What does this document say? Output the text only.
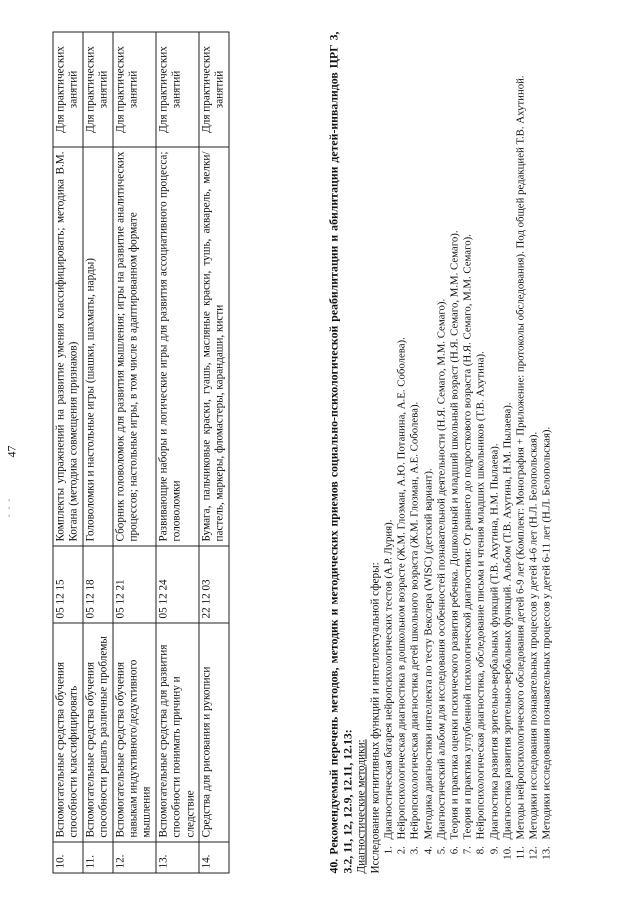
- - -
47
10.	Вспомогательные средства обучения способности классифицировать	05 12 15	Комплекты упражнений на развитие умения классифицировать; методика В.М. Когана (методика совмещения признаков)	Для практических занятий
11.	Вспомогательные средства обучения способности решать различные проблемы	05 12 18	Головоломки и настольные игры (шашки, шахматы, нарды)	Для практических занятий
12.	Вспомогательные средства обучения навыкам индуктивного/дедуктивного мышления	05 12 21	Сборник головоломок для развития мышления; игры на развитие аналитических процессов; настольные игры, в том числе в адаптированном формате	Для практических занятий
13.	Вспомогательные средства для развития способности понимать причину и следствие	05 12 24	Развивающие наборы и логические игры для развития ассоциативного процесса; головоломки	Для практических занятий
14.	Средства для рисования и рукописи	22 12 03	Бумага, пальчиковые краски, гуашь, масляные краски, тушь, акварель, мелки/пастель, маркеры, фломастеры, карандаши, кисти	Для практических занятий	40. Рекомендуемый перечень методов, методик и методических приемов социально-психологической реабилитации и абилитации детей-инвалидов ЦРГ 3, 3.2, 11, 12, 12.9, 12.11, 12.13: Диагностические методики: Исследование когнитивных функций и интеллектуальной сферы: 1. Диагностическая батарея нейропсихологических тестов (А.Р. Лурия). 2. Нейропсихологическая диагностика в дошкольном возрасте (Ж.М. Глозман, А.Ю. Потанина, А.Е. Соболева). 3. Нейропсихологическая диагностика детей школьного возраста (Ж.М. Глозман, А.Е. Соболева). 4. Методика диагностики интеллекта по тесту Векслера (WISC) (детский вариант). 5. Диагностический альбом для исследования особенностей познавательной деятельности (Н.Я. Семаго, М.М. Семаго). 6. Теория и практика оценки психического развития ребенка. Дошкольный и младший школьный возраст (Н.Я. Семаго, М.М. Семаго). 7. Теория и практика углубленной психологической диагностики: От раннего до подросткового возраста (Н.Я. Семаго, М.М. Семаго). 8. Нейропсихологическая диагностика, обследование письма и чтения младших школьников (Т.В. Ахутина). 9. Диагностика развития зрительно-вербальных функций (Т.В. Ахутина, Н.М. Пылаева). 10. Диагностика развития зрительно-вербальных функций. Альбом (Т.В. Ахутина, Н.М. Пылаева). 11. Методы нейропсихологического обследования детей 6-9 лет (Комплект: Монография + Приложение: протоколы обследования). Под общей редакцией Т.В. Ахутиной. 12. Методики исследования познавательных процессов у детей 4-6 лет (Н.Л. Белопольская). 13. Методики исследования познавательных процессов у детей 6-11 лет (Н.Л. Белопольская).
